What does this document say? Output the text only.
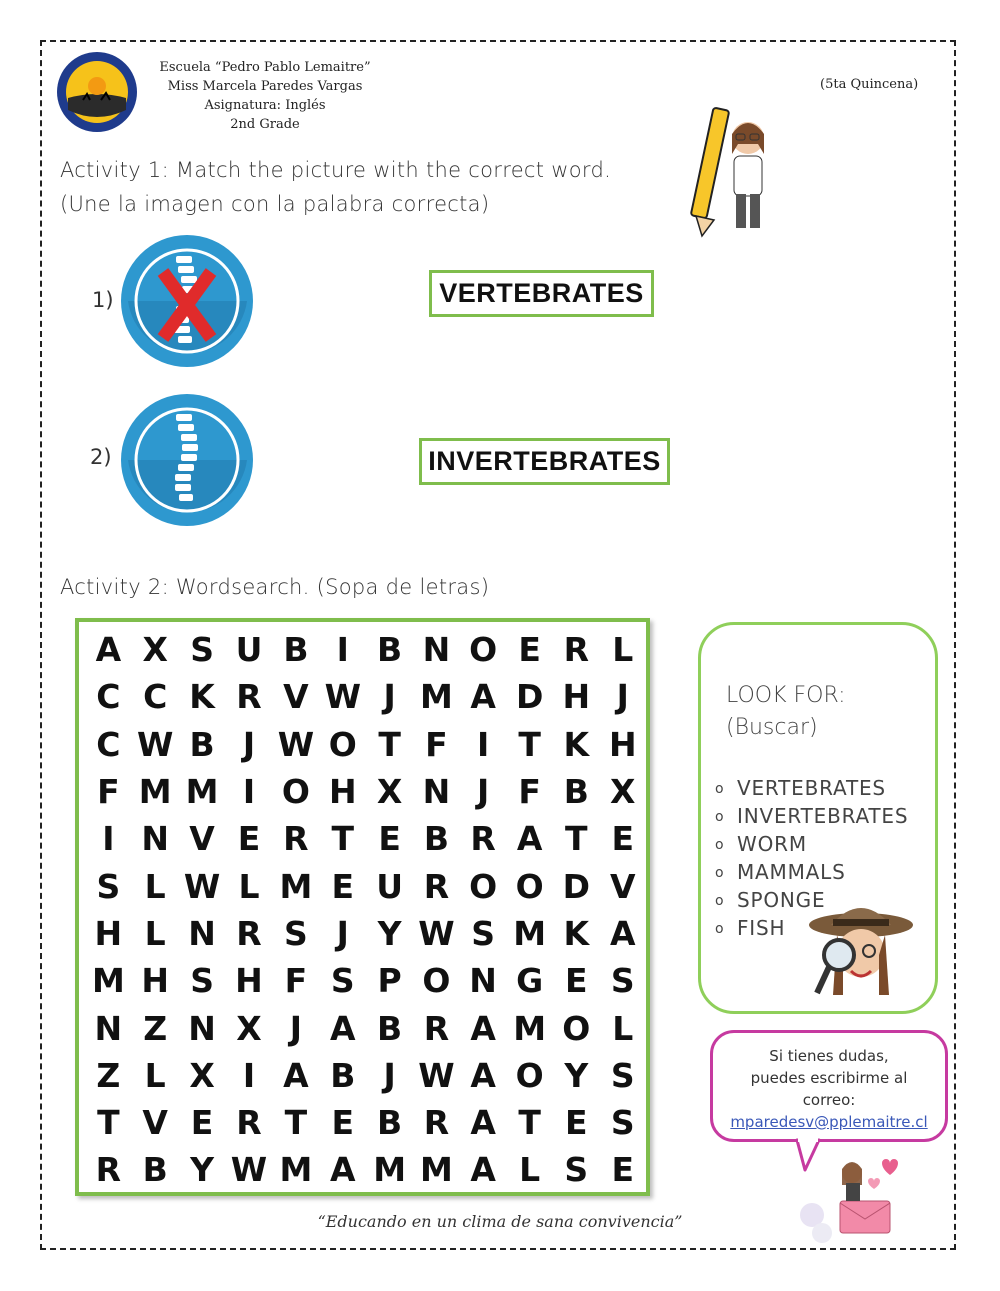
Escuela “Pedro Pablo Lemaitre”
Miss Marcela Paredes Vargas
Asignatura: Inglés
2nd Grade
(5ta Quincena)
Activity 1: Match the picture with the correct word.
(Une la imagen con la palabra correcta)
1)	VERTEBRATES
2)	INVERTEBRATES
Activity 2: Wordsearch. (Sopa de letras)
A	X	S	U	B	I	B	N	O	E	R	L
C	C	K	R	V	W	J	M	A	D	H	J
C	W	B	J	W	O	T	F	I	T	K	H
F	M	M	I	O	H	X	N	J	F	B	X
I	N	V	E	R	T	E	B	R	A	T	E
S	L	W	L	M	E	U	R	O	O	D	V
H	L	N	R	S	J	Y	W	S	M	K	A
M	H	S	H	F	S	P	O	N	G	E	S
N	Z	N	X	J	A	B	R	A	M	O	L
Z	L	X	I	A	B	J	W	A	O	Y	S
T	V	E	R	T	E	B	R	A	T	E	S
R	B	Y	W	M	A	M	M	A	L	S	E
LOOK FOR:
(Buscar)
o VERTEBRATES
o INVERTEBRATES
o WORM
o MAMMALS
o SPONGE
o FISH
Si tienes dudas,
puedes escribirme al
correo:
mparedesv@pplemaitre.cl
“Educando en un clima de sana convivencia”
